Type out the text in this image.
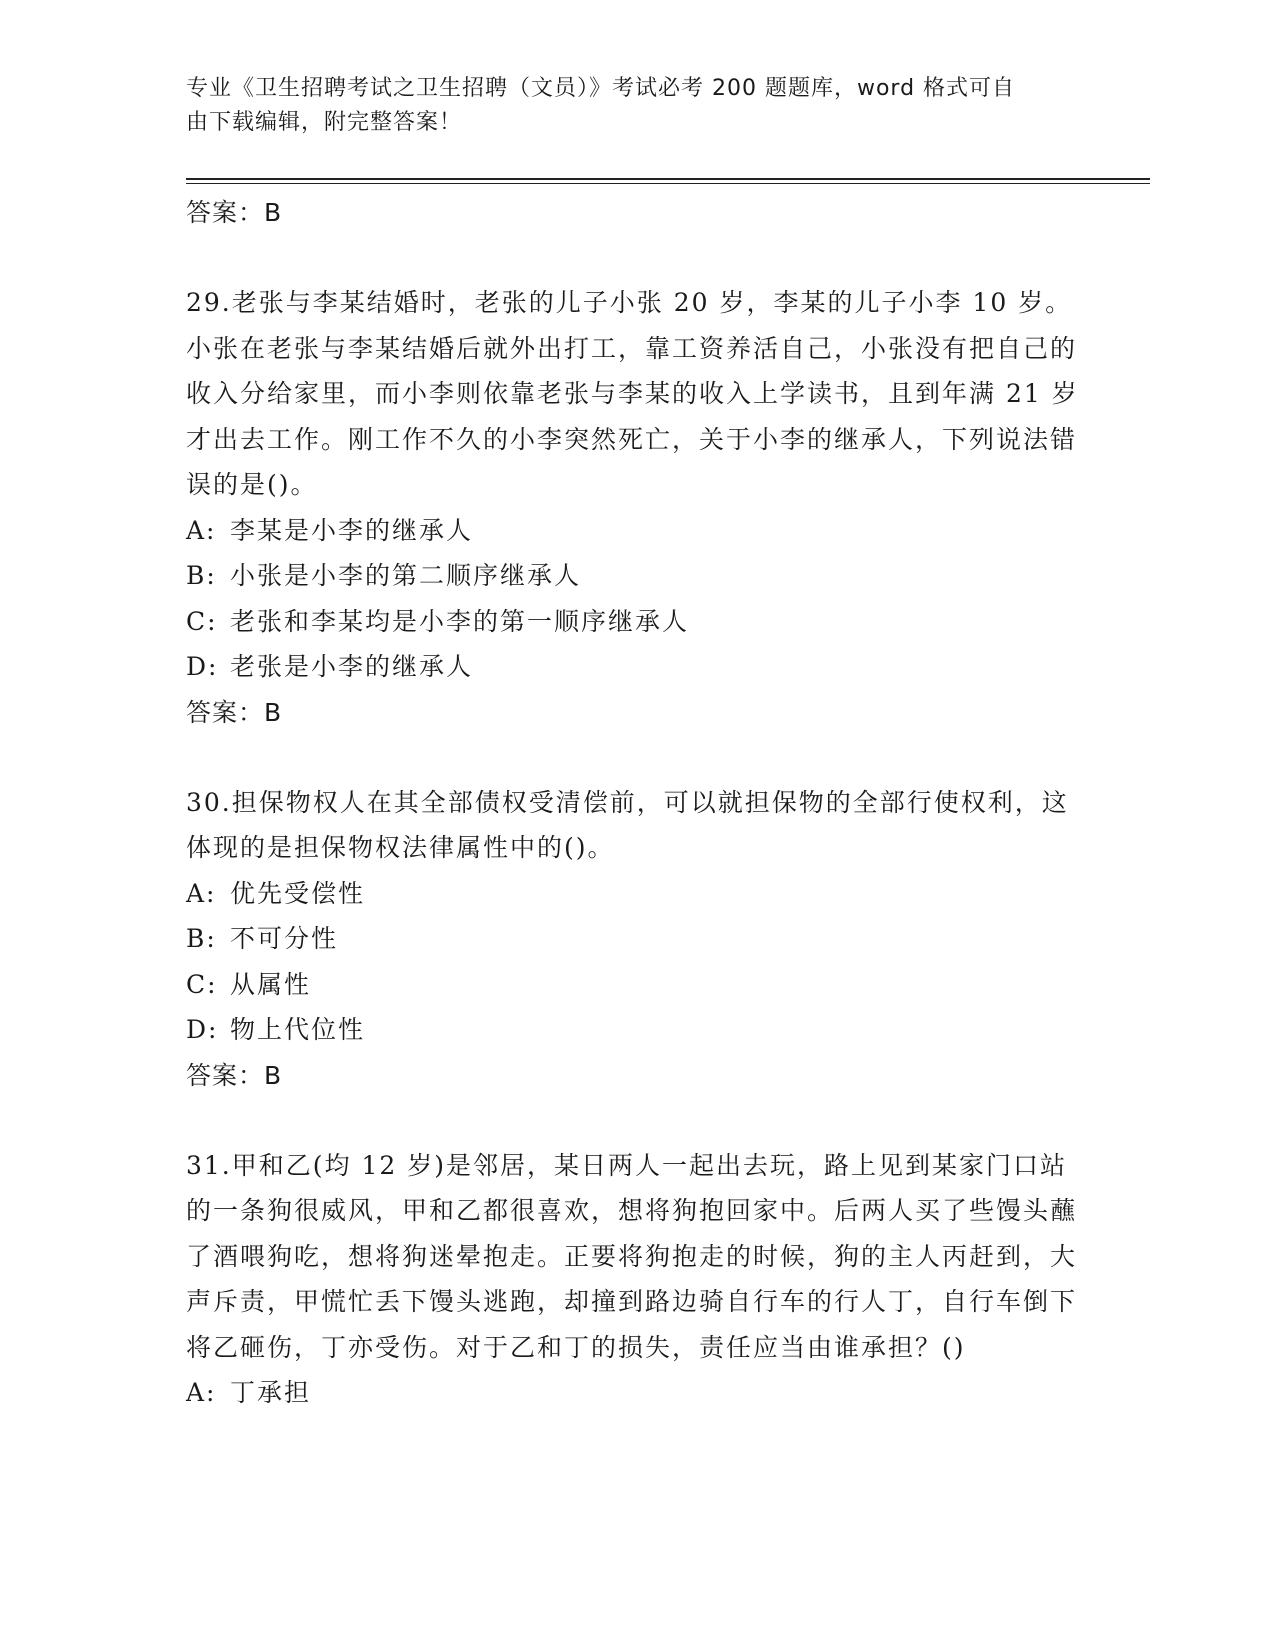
专业《卫生招聘考试之卫生招聘（文员）》考试必考 200 题题库，word 格式可自
由下载编辑，附完整答案！
答案：B

29.老张与李某结婚时，老张的儿子小张 20 岁，李某的儿子小李 10 岁。小张在老张与李某结婚后就外出打工，靠工资养活自己，小张没有把自己的收入分给家里，而小李则依靠老张与李某的收入上学读书，且到年满 21 岁才出去工作。刚工作不久的小李突然死亡，关于小李的继承人，下列说法错误的是()。

A: 李某是小李的继承人
B: 小张是小李的第二顺序继承人
C: 老张和李某均是小李的第一顺序继承人
D: 老张是小李的继承人
答案：B

30.担保物权人在其全部债权受清偿前，可以就担保物的全部行使权利，这体现的是担保物权法律属性中的()。

A: 优先受偿性
B: 不可分性
C: 从属性
D: 物上代位性
答案：B

31.甲和乙(均 12 岁)是邻居，某日两人一起出去玩，路上见到某家门口站的一条狗很威风，甲和乙都很喜欢，想将狗抱回家中。后两人买了些馒头蘸了酒喂狗吃，想将狗迷晕抱走。正要将狗抱走的时候，狗的主人丙赶到，大声斥责，甲慌忙丢下馒头逃跑，却撞到路边骑自行车的行人丁，自行车倒下将乙砸伤，丁亦受伤。对于乙和丁的损失，责任应当由谁承担？()

A: 丁承担
